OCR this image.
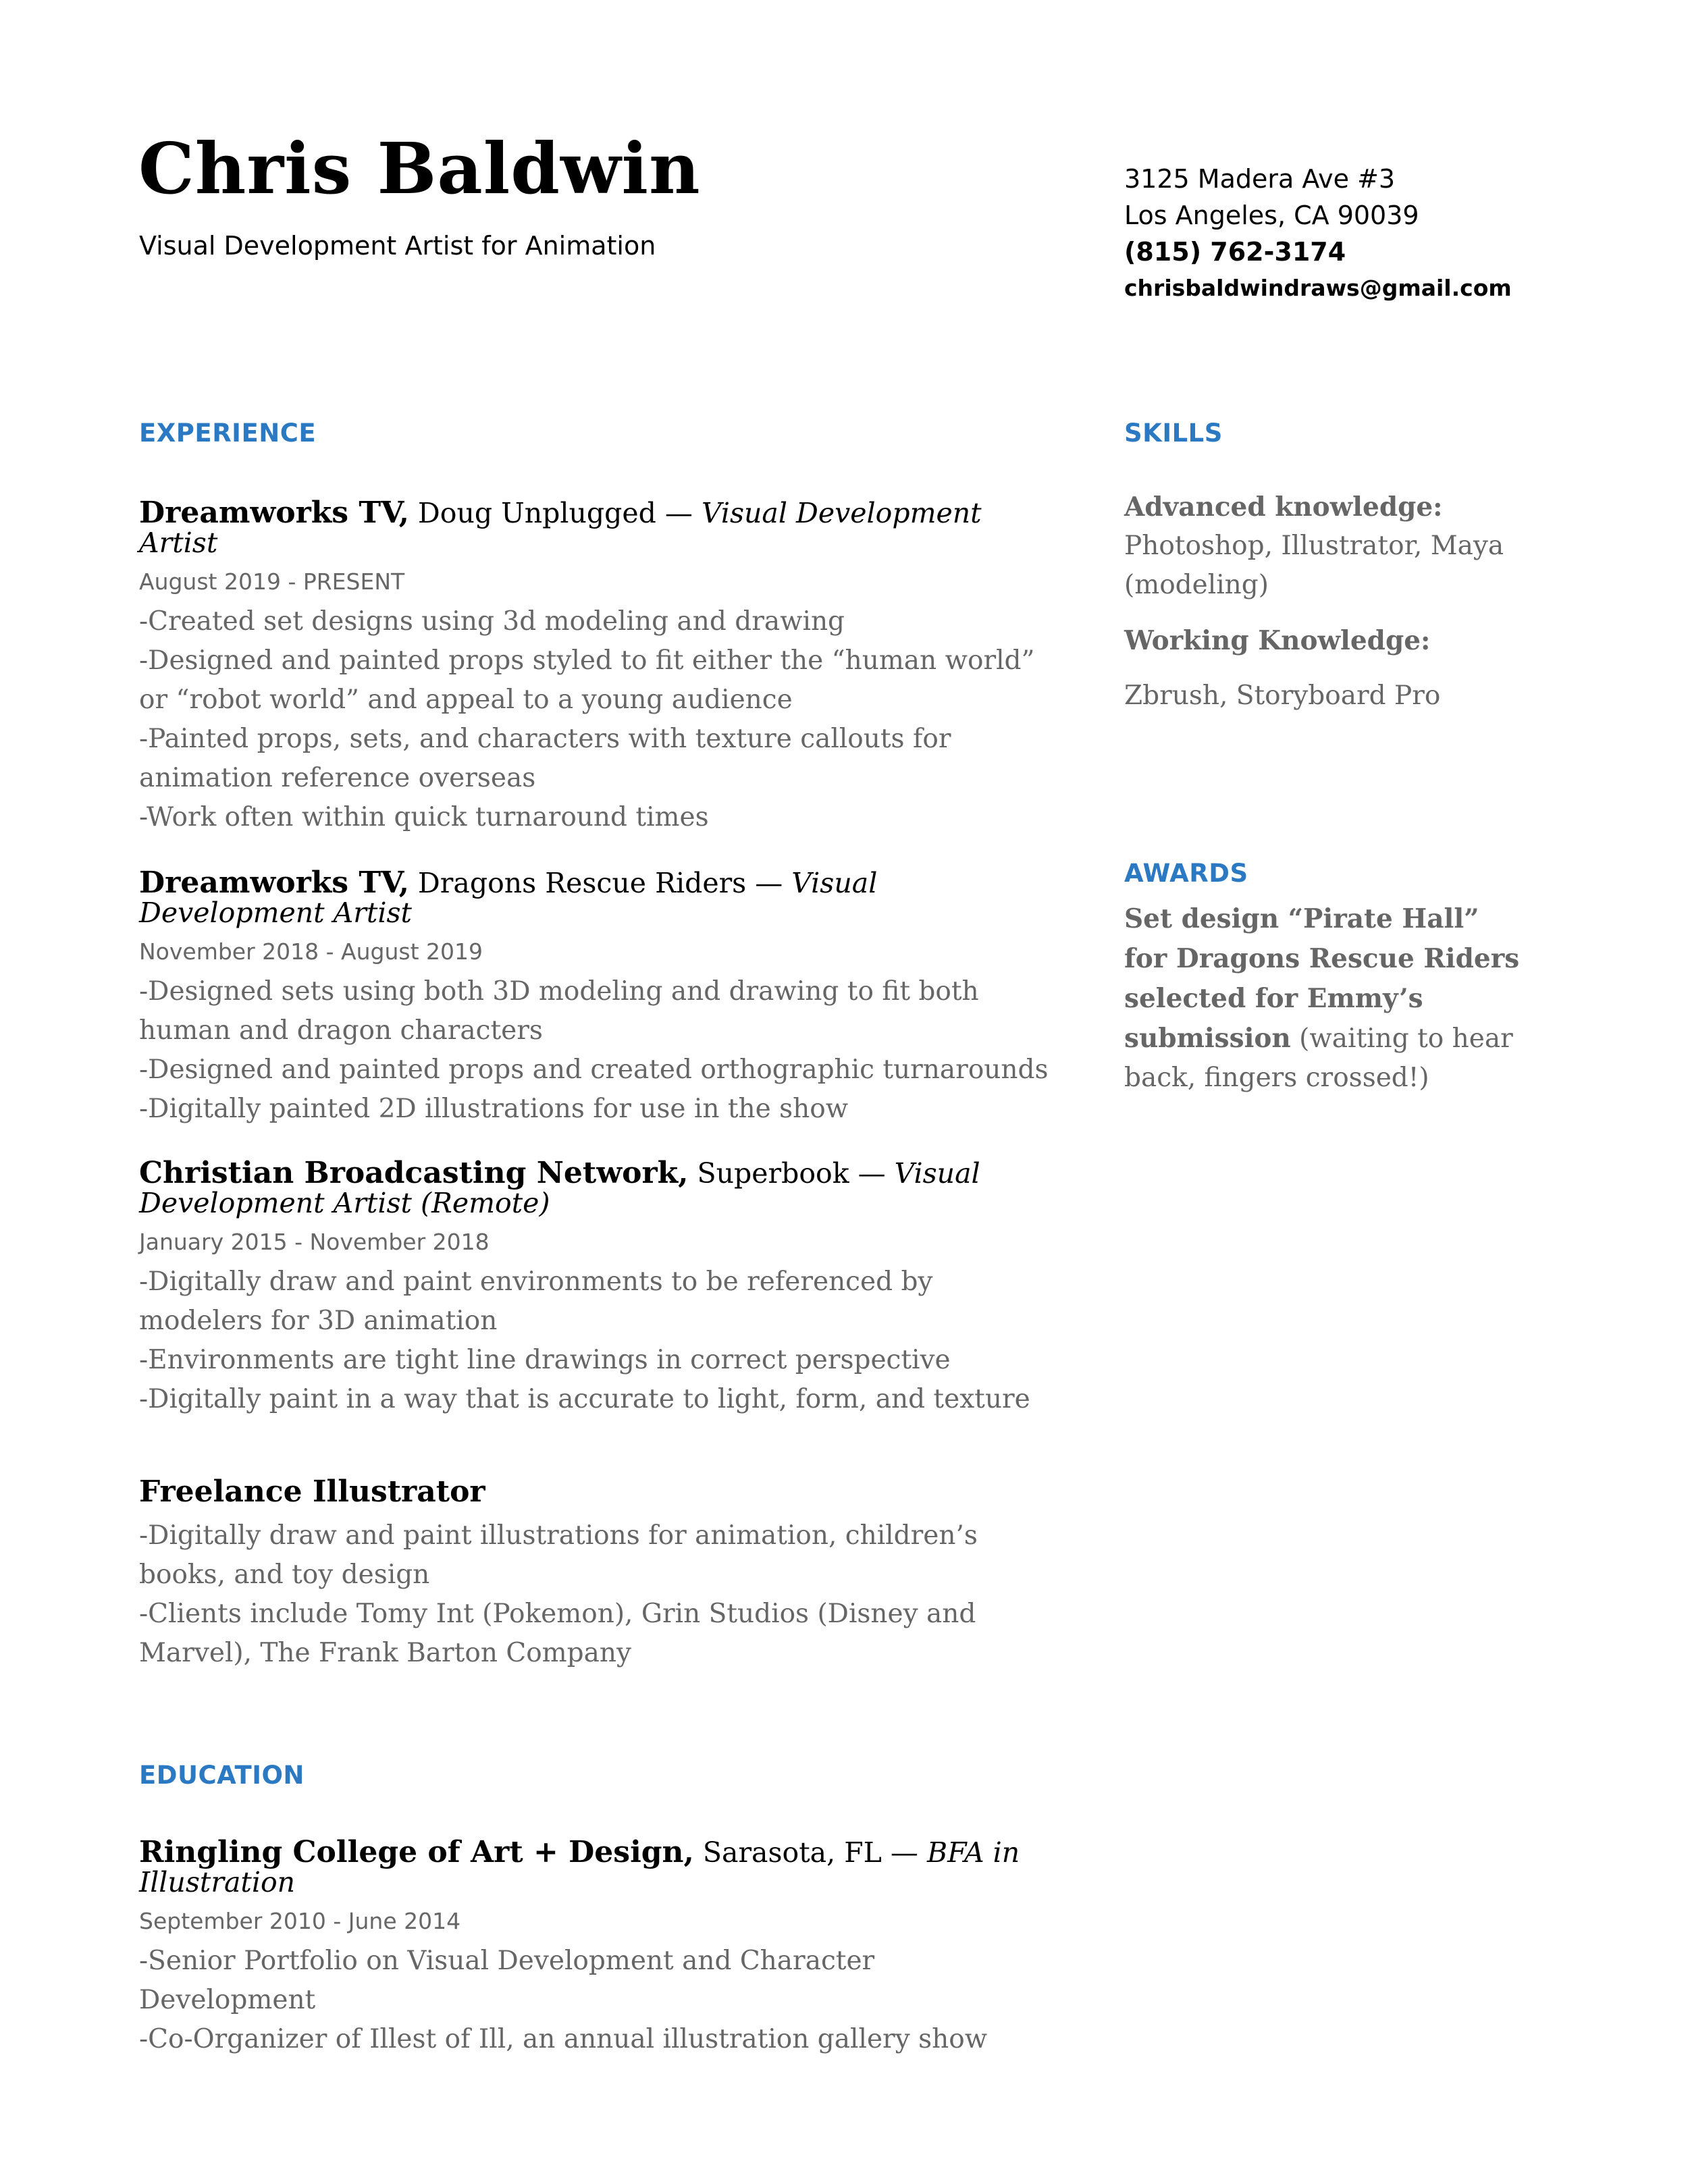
Chris Baldwin
Visual Development Artist for Animation
3125 Madera Ave #3
Los Angeles, CA 90039
(815) 762-3174
chrisbaldwindraws@gmail.com
EXPERIENCE	SKILLS
AWARDS
EDUCATION
Dreamworks TV, Doug Unplugged — Visual Development Artist
August 2019 - PRESENT
-Created set designs using 3d modeling and drawing
-Designed and painted props styled to fit either the “human world” or “robot world” and appeal to a young audience
-Painted props, sets, and characters with texture callouts for animation reference overseas
-Work often within quick turnaround times
Dreamworks TV, Dragons Rescue Riders — Visual Development Artist
November 2018 - August 2019
-Designed sets using both 3D modeling and drawing to fit both human and dragon characters
-Designed and painted props and created orthographic turnarounds
-Digitally painted 2D illustrations for use in the show
Christian Broadcasting Network, Superbook — Visual Development Artist (Remote)
January 2015 - November 2018
-Digitally draw and paint environments to be referenced by modelers for 3D animation
-Environments are tight line drawings in correct perspective
-Digitally paint in a way that is accurate to light, form, and texture
Freelance Illustrator
-Digitally draw and paint illustrations for animation, children’s books, and toy design
-Clients include Tomy Int (Pokemon), Grin Studios (Disney and Marvel), The Frank Barton Company
Ringling College of Art + Design, Sarasota, FL — BFA in Illustration
September 2010 - June 2014
-Senior Portfolio on Visual Development and Character Development
-Co-Organizer of Illest of Ill, an annual illustration gallery show
Advanced knowledge:
Photoshop, Illustrator, Maya (modeling)
Working Knowledge:
Zbrush, Storyboard Pro
Set design “Pirate Hall” for Dragons Rescue Riders selected for Emmy’s submission (waiting to hear back, fingers crossed!)
